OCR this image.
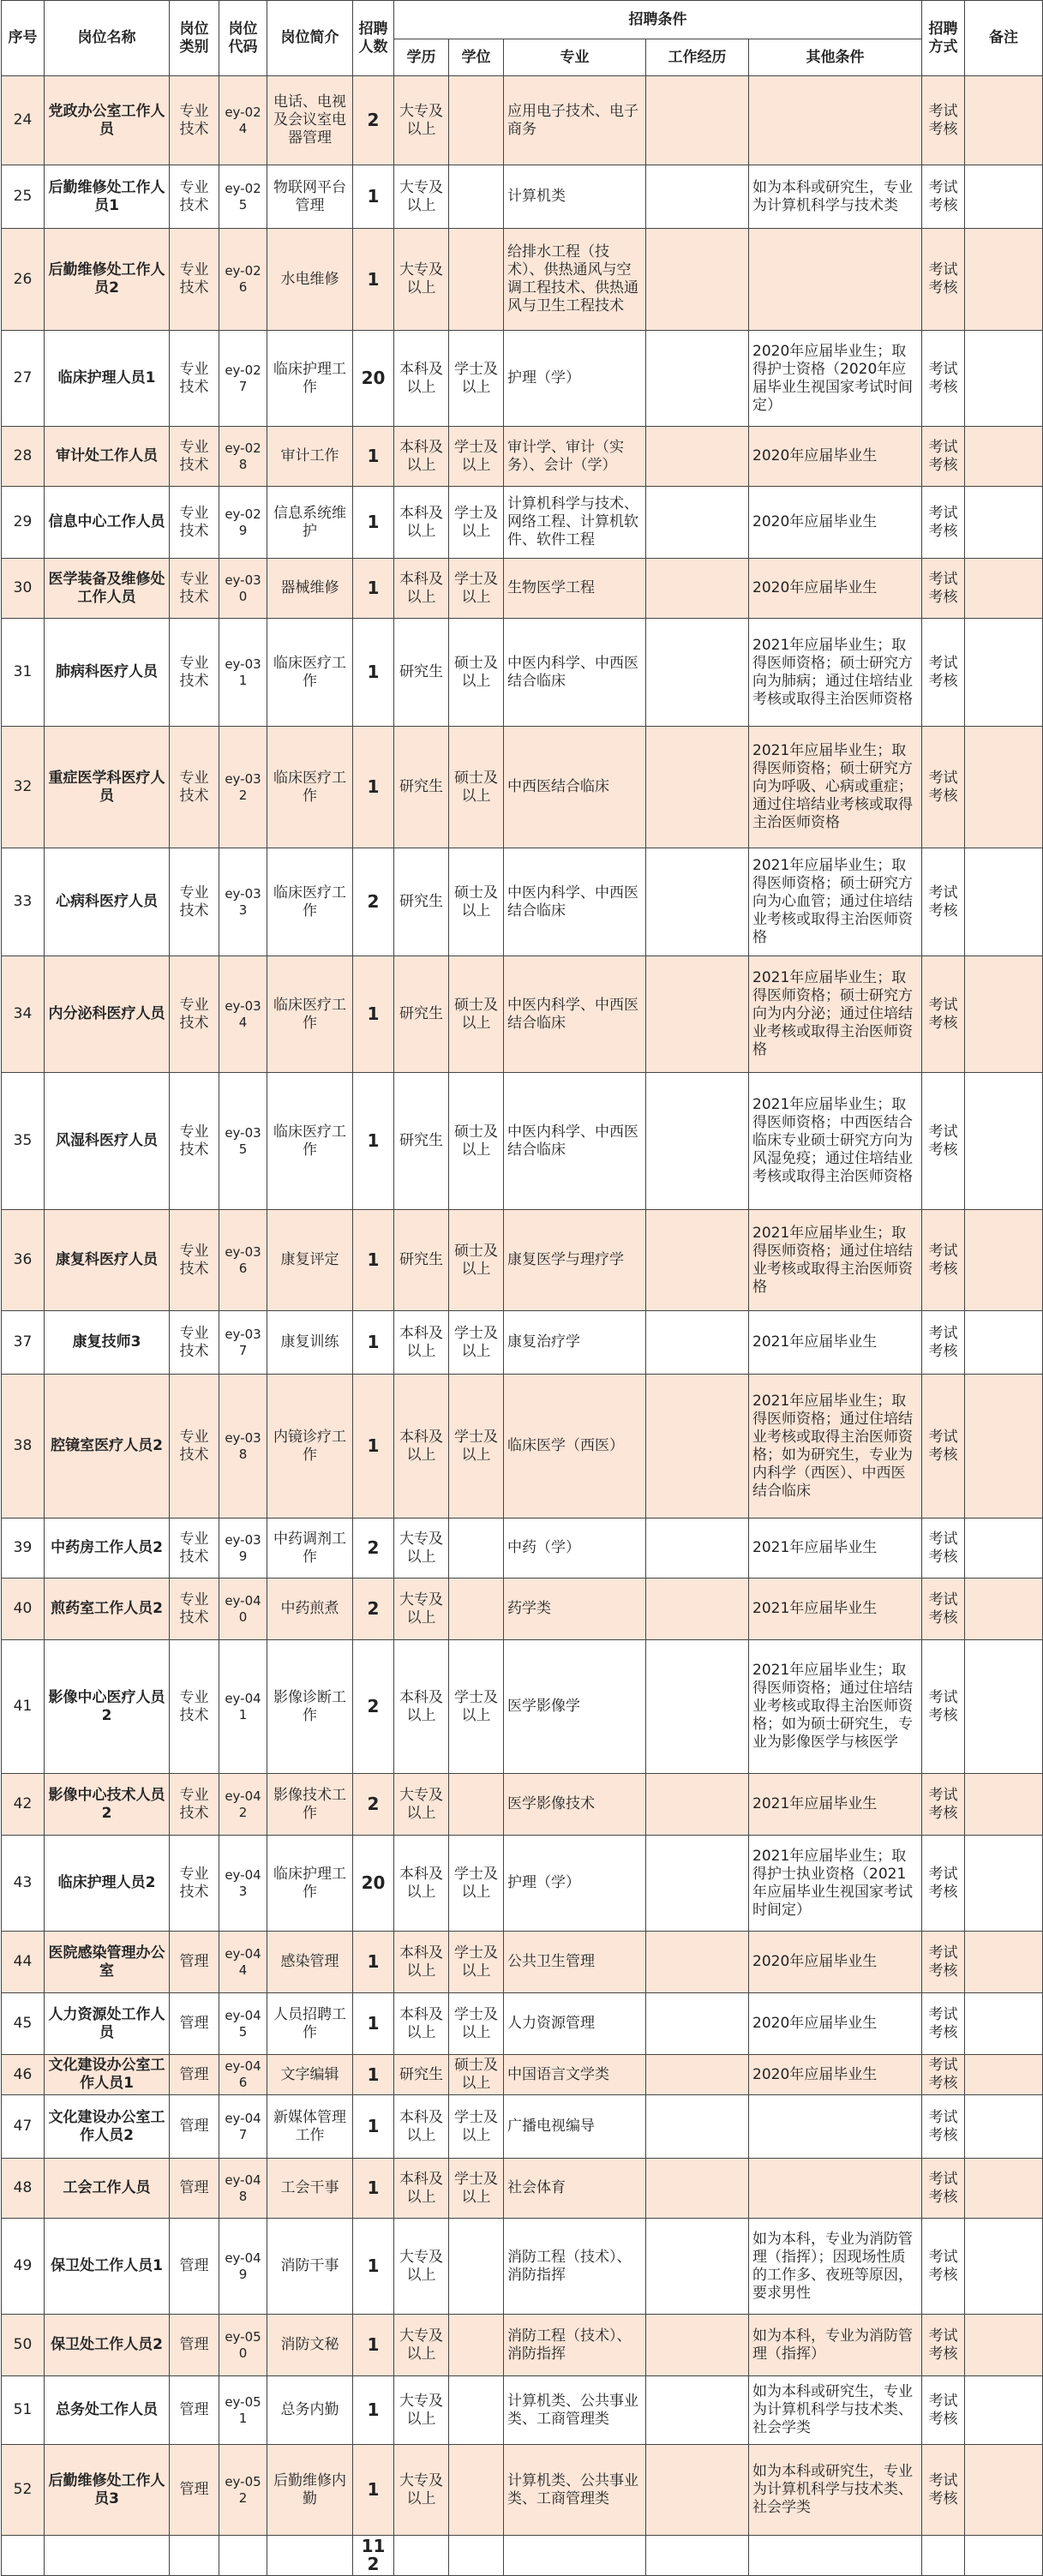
序号	岗位名称	岗位类别	岗位代码	岗位简介	招聘人数	招聘条件					招聘方式	备注
						学历	学位	专业	工作经历	其他条件		
24	党政办公室工作人员	专业技术	ey-024	电话、电视及会议室电器管理	2	大专及以上		应用电子技术、电子商务			考试考核	
25	后勤维修处工作人员1	专业技术	ey-025	物联网平台管理	1	大专及以上		计算机类		如为本科或研究生，专业为计算机科学与技术类	考试考核	
26	后勤维修处工作人员2	专业技术	ey-026	水电维修	1	大专及以上		给排水工程（技术）、供热通风与空调工程技术、供热通风与卫生工程技术			考试考核	
27	临床护理人员1	专业技术	ey-027	临床护理工作	20	本科及以上	学士及以上	护理（学）		2020年应届毕业生；取得护士资格（2020年应届毕业生视国家考试时间定）	考试考核	
28	审计处工作人员	专业技术	ey-028	审计工作	1	本科及以上	学士及以上	审计学、审计（实务）、会计（学）		2020年应届毕业生	考试考核	
29	信息中心工作人员	专业技术	ey-029	信息系统维护	1	本科及以上	学士及以上	计算机科学与技术、网络工程、计算机软件、软件工程		2020年应届毕业生	考试考核	
30	医学装备及维修处工作人员	专业技术	ey-030	器械维修	1	本科及以上	学士及以上	生物医学工程		2020年应届毕业生	考试考核	
31	肺病科医疗人员	专业技术	ey-031	临床医疗工作	1	研究生	硕士及以上	中医内科学、中西医结合临床		2021年应届毕业生；取得医师资格；硕士研究方向为肺病；通过住培结业考核或取得主治医师资格	考试考核	
32	重症医学科医疗人员	专业技术	ey-032	临床医疗工作	1	研究生	硕士及以上	中西医结合临床		2021年应届毕业生；取得医师资格；硕士研究方向为呼吸、心病或重症；通过住培结业考核或取得主治医师资格	考试考核	
33	心病科医疗人员	专业技术	ey-033	临床医疗工作	2	研究生	硕士及以上	中医内科学、中西医结合临床		2021年应届毕业生；取得医师资格；硕士研究方向为心血管；通过住培结业考核或取得主治医师资格	考试考核	
34	内分泌科医疗人员	专业技术	ey-034	临床医疗工作	1	研究生	硕士及以上	中医内科学、中西医结合临床		2021年应届毕业生；取得医师资格；硕士研究方向为内分泌；通过住培结业考核或取得主治医师资格	考试考核	
35	风湿科医疗人员	专业技术	ey-035	临床医疗工作	1	研究生	硕士及以上	中医内科学、中西医结合临床		2021年应届毕业生；取得医师资格；中西医结合临床专业硕士研究方向为风湿免疫；通过住培结业考核或取得主治医师资格	考试考核	
36	康复科医疗人员	专业技术	ey-036	康复评定	1	研究生	硕士及以上	康复医学与理疗学		2021年应届毕业生；取得医师资格；通过住培结业考核或取得主治医师资格	考试考核	
37	康复技师3	专业技术	ey-037	康复训练	1	本科及以上	学士及以上	康复治疗学		2021年应届毕业生	考试考核	
38	腔镜室医疗人员2	专业技术	ey-038	内镜诊疗工作	1	本科及以上	学士及以上	临床医学（西医）		2021年应届毕业生；取得医师资格；通过住培结业考核或取得主治医师资格；如为研究生，专业为内科学（西医）、中西医结合临床	考试考核	
39	中药房工作人员2	专业技术	ey-039	中药调剂工作	2	大专及以上		中药（学）		2021年应届毕业生	考试考核	
40	煎药室工作人员2	专业技术	ey-040	中药煎煮	2	大专及以上		药学类		2021年应届毕业生	考试考核	
41	影像中心医疗人员2	专业技术	ey-041	影像诊断工作	2	本科及以上	学士及以上	医学影像学		2021年应届毕业生；取得医师资格；通过住培结业考核或取得主治医师资格；如为硕士研究生，专业为影像医学与核医学	考试考核	
42	影像中心技术人员2	专业技术	ey-042	影像技术工作	2	大专及以上		医学影像技术		2021年应届毕业生	考试考核	
43	临床护理人员2	专业技术	ey-043	临床护理工作	20	本科及以上	学士及以上	护理（学）		2021年应届毕业生；取得护士执业资格（2021年应届毕业生视国家考试时间定）	考试考核	
44	医院感染管理办公室	管理	ey-044	感染管理	1	本科及以上	学士及以上	公共卫生管理		2020年应届毕业生	考试考核	
45	人力资源处工作人员	管理	ey-045	人员招聘工作	1	本科及以上	学士及以上	人力资源管理		2020年应届毕业生	考试考核	
46	文化建设办公室工作人员1	管理	ey-046	文字编辑	1	研究生	硕士及以上	中国语言文学类		2020年应届毕业生	考试考核	
47	文化建设办公室工作人员2	管理	ey-047	新媒体管理工作	1	本科及以上	学士及以上	广播电视编导			考试考核	
48	工会工作人员	管理	ey-048	工会干事	1	本科及以上	学士及以上	社会体育			考试考核	
49	保卫处工作人员1	管理	ey-049	消防干事	1	大专及以上		消防工程（技术）、消防指挥		如为本科，专业为消防管理（指挥）；因现场性质的工作多、夜班等原因，要求男性	考试考核	
50	保卫处工作人员2	管理	ey-050	消防文秘	1	大专及以上		消防工程（技术）、消防指挥		如为本科，专业为消防管理（指挥）	考试考核	
51	总务处工作人员	管理	ey-051	总务内勤	1	大专及以上		计算机类、公共事业类、工商管理类		如为本科或研究生，专业为计算机科学与技术类、社会学类	考试考核	
52	后勤维修处工作人员3	管理	ey-052	后勤维修内勤	1	大专及以上		计算机类、公共事业类、工商管理类		如为本科或研究生，专业为计算机科学与技术类、社会学类	考试考核	
					112							
